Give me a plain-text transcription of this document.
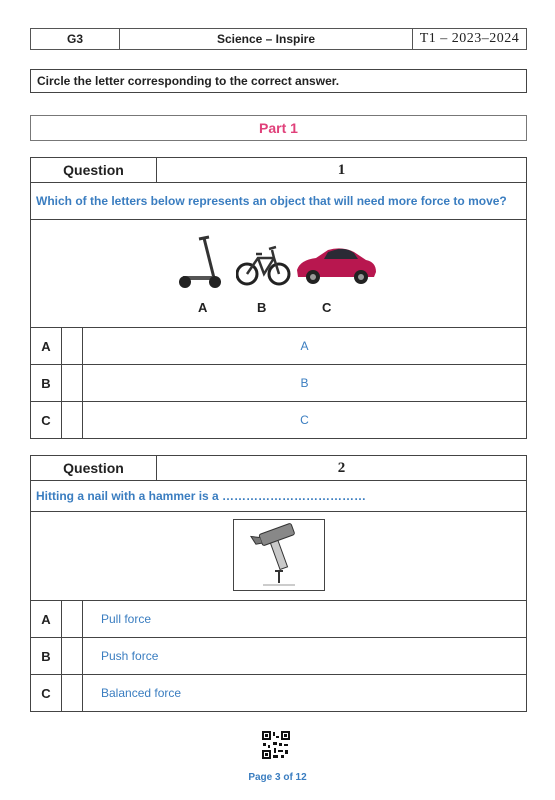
G3	Science – Inspire	T1 – 2023–2024
Circle the letter corresponding to the correct answer.
Part 1
Question	1
Which of the letters below represents an object that will need more force to move?
A	B	C
A	A
B	B
C	C
Question	2
Hitting a nail with a hammer is a ………………………………
A	Pull force
B	Push force
C	Balanced force
Page 3 of 12
